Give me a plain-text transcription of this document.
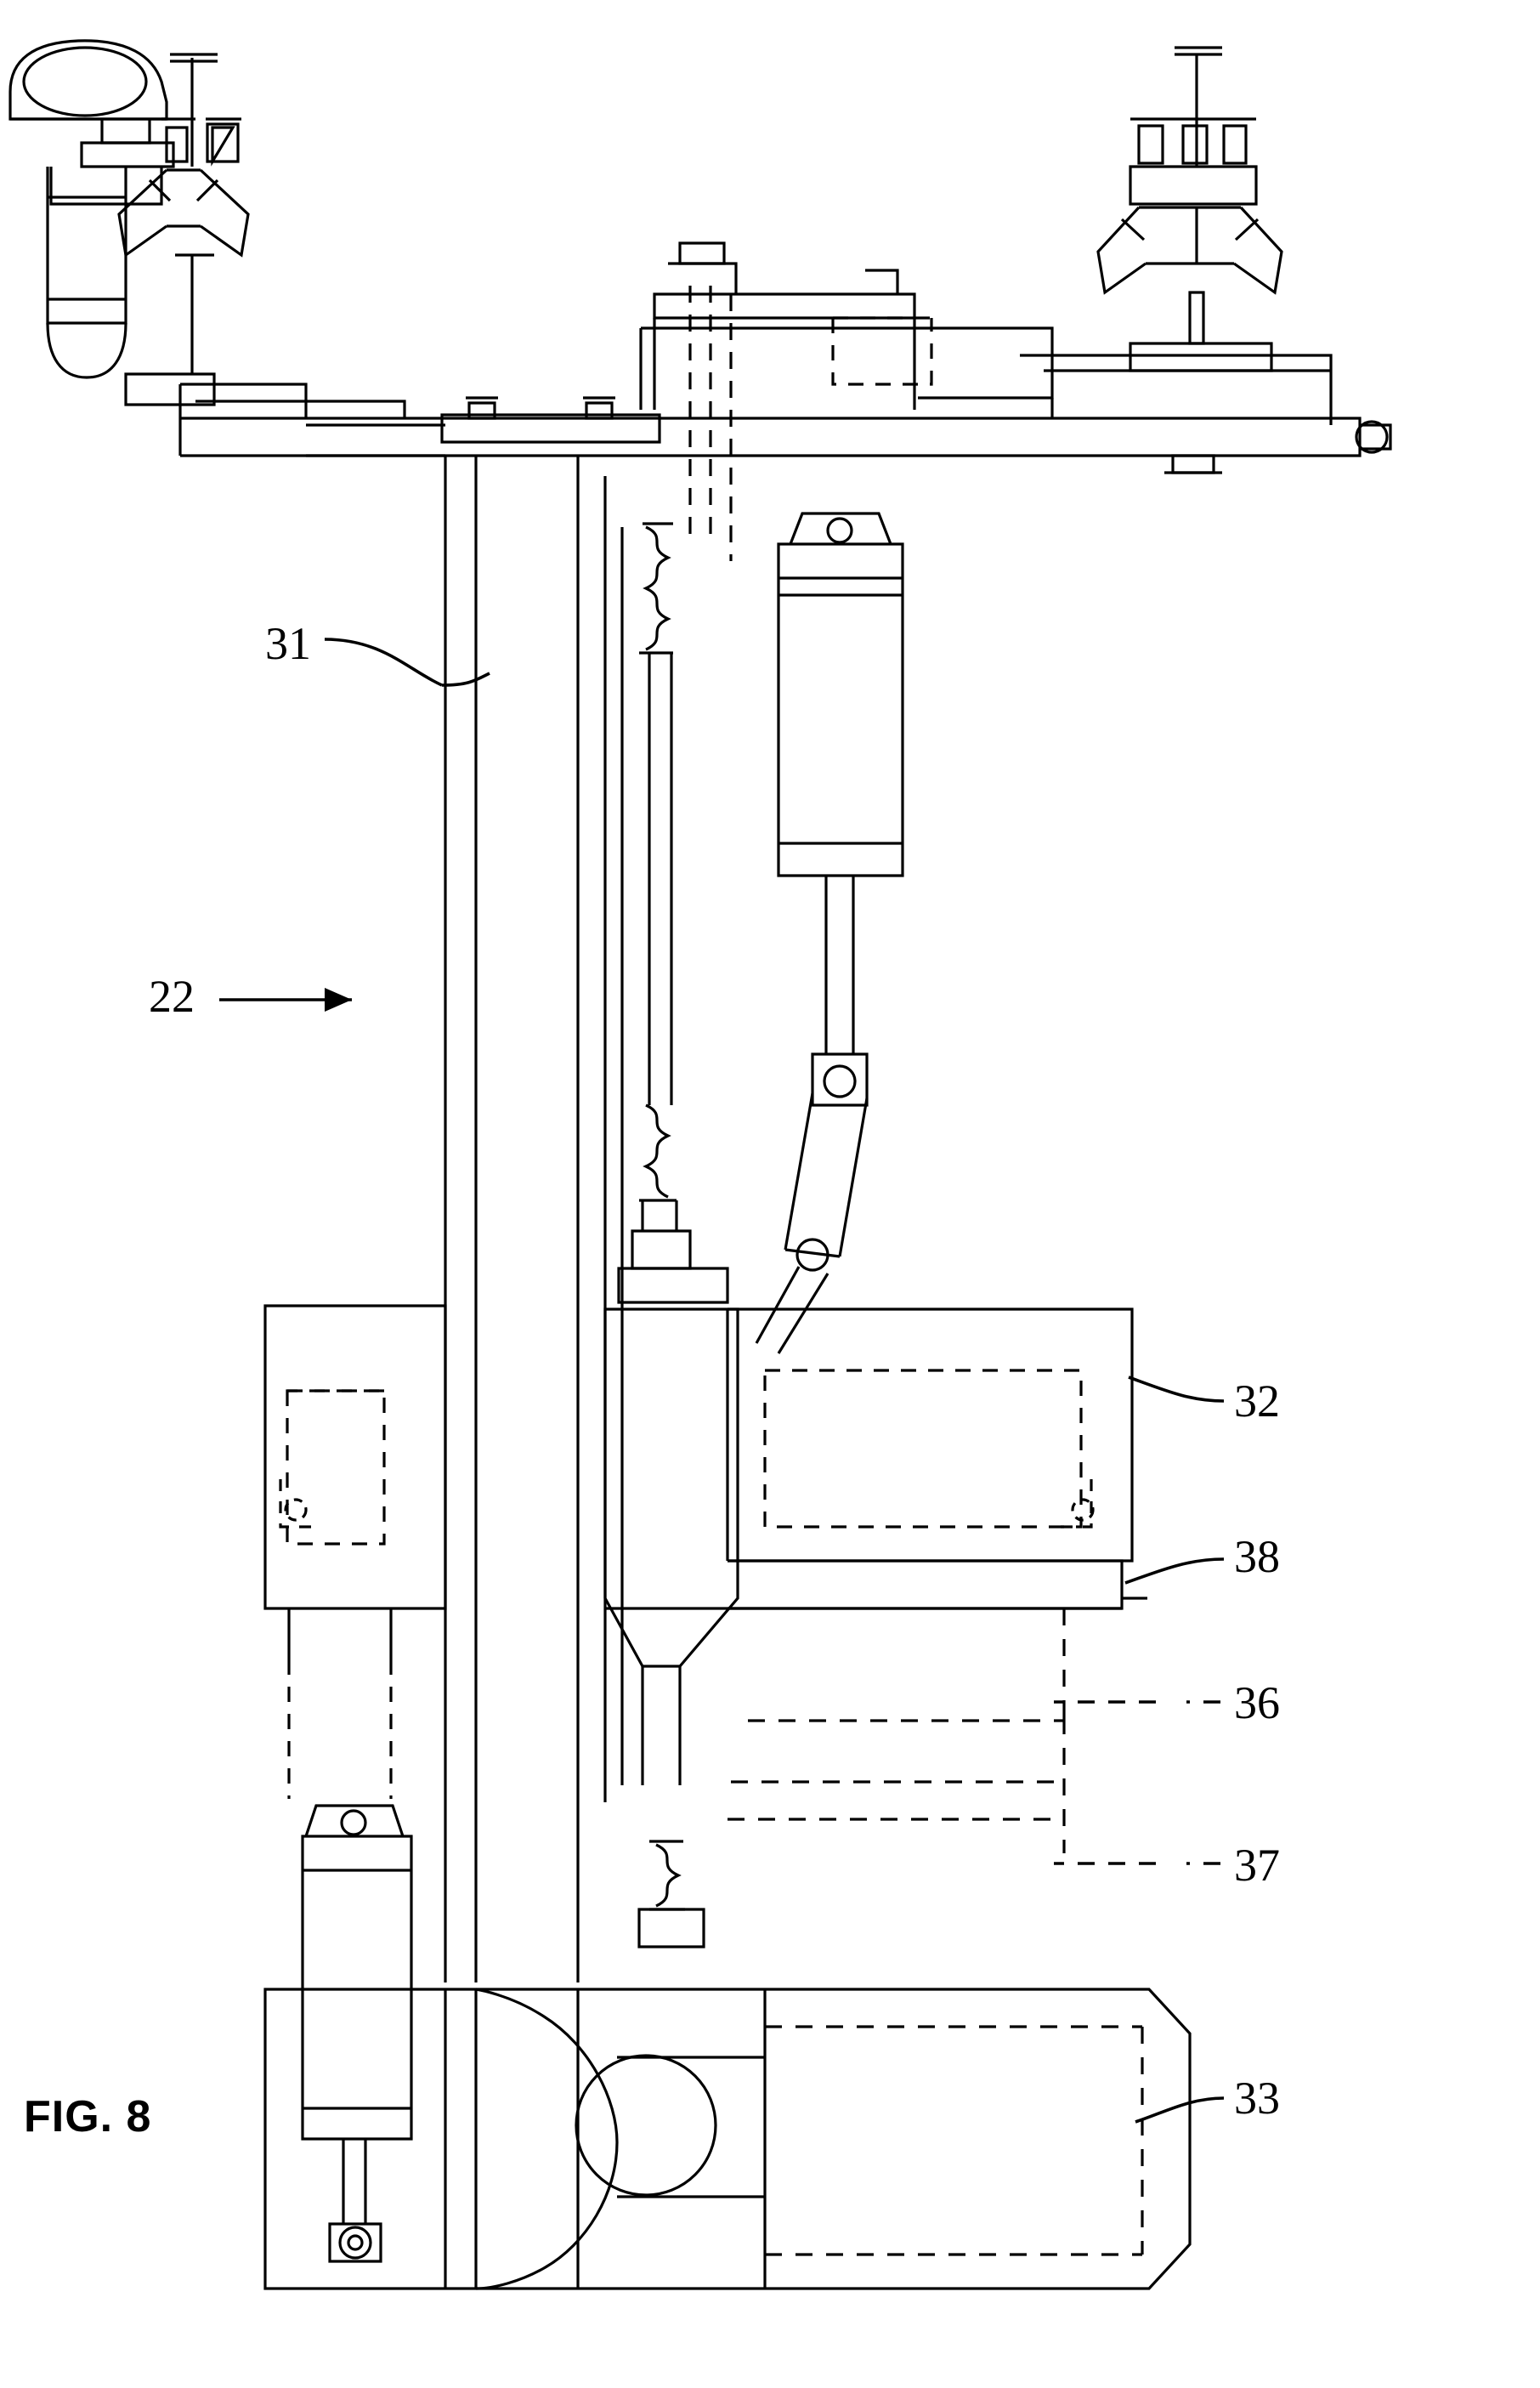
FIG. 8
31
22
32
38
36
37
33
